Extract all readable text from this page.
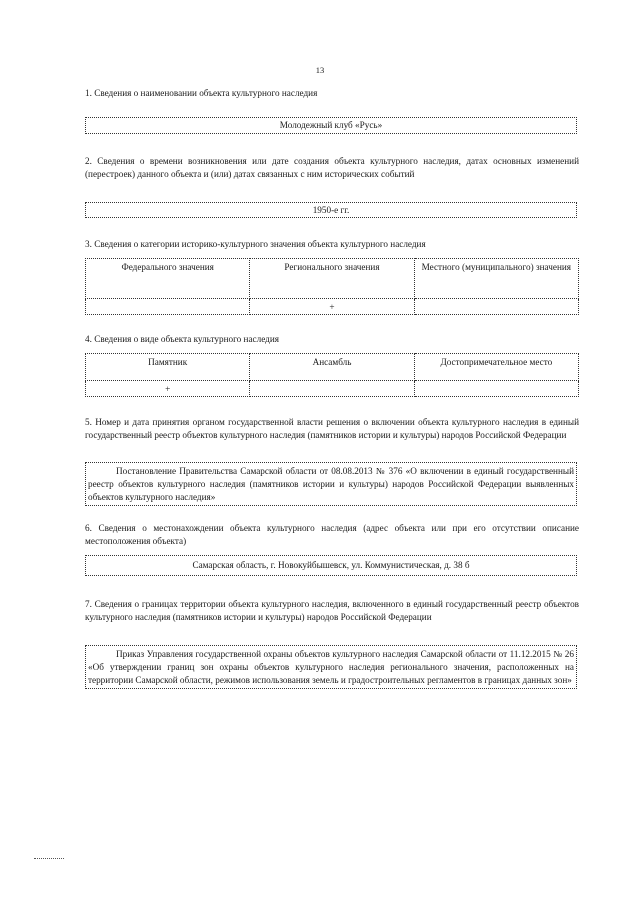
13
1. Сведения о наименовании объекта культурного наследия
Молодежный клуб «Русь»
2. Сведения о времени возникновения или дате создания объекта культурного наследия, датах основных изменений (перестроек) данного объекта и (или) датах связанных с ним исторических событий
1950-е гг.
3. Сведения о категории историко-культурного значения объекта культурного наследия
Федерального значения	Регионального значения	Местного (муниципального) значения
	+	
4. Сведения о виде объекта культурного наследия
Памятник	Ансамбль	Достопримечательное место
+		
5. Номер и дата принятия органом государственной власти решения о включении объекта культурного наследия в единый государственный реестр объектов культурного наследия (памятников истории и культуры) народов Российской Федерации
Постановление Правительства Самарской области от 08.08.2013 № 376 «О включении в единый государственный реестр объектов культурного наследия (памятников истории и культуры) народов Российской Федерации выявленных объектов культурного наследия»
6. Сведения о местонахождении объекта культурного наследия (адрес объекта или при его отсутствии описание местоположения объекта)
Самарская область, г. Новокуйбышевск, ул. Коммунистическая, д. 38 б
7. Сведения о границах территории объекта культурного наследия, включенного в единый государственный реестр объектов культурного наследия (памятников истории и культуры) народов Российской Федерации
Приказ Управления государственной охраны объектов культурного наследия Самарской области от 11.12.2015 № 26 «Об утверждении границ зон охраны объектов культурного наследия регионального значения, расположенных на территории Самарской области, режимов использования земель и градостроительных регламентов в границах данных зон»
